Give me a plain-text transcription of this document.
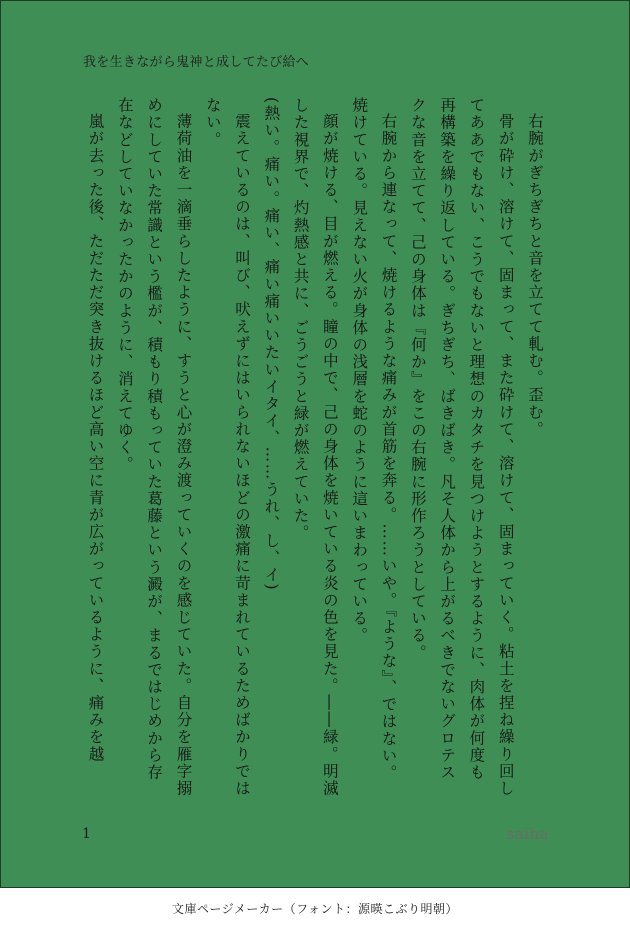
我を生きながら鬼神と成してたび給へ

右腕がぎちぎちと音を立てて軋む。歪む。

骨が砕け、溶けて、固まって、また砕けて、溶けて、固まっていく。粘土を捏ね繰り回してああでもない、こうでもないと理想のカタチを見つけようとするように、肉体が何度も再構築を繰り返している。ぎちぎち、ばきばき。凡そ人体から上がるべきでないグロテスクな音を立てて、己の身体は『何か』をこの右腕に形作ろうとしている。

右腕から連なって、焼けるような痛みが首筋を奔る。……いや。『ような』、ではない。焼けている。見えない火が身体の浅層を蛇のように這いまわっている。

顔が焼ける、目が燃える。瞳の中で、己の身体を焼いている炎の色を見た。――緑。明滅した視界で、灼熱感と共に、ごうごうと緑が燃えていた。

(熱い。痛い。痛い、痛い痛いいたいイタイ、……うれ、し、イ)

震えているのは、叫び、吠えずにはいられないほどの激痛に苛まれているためばかりではない。

薄荷油を一滴垂らしたように、すうと心が澄み渡っていくのを感じていた。自分を雁字搦めにしていた常識という檻が、積もり積もっていた葛藤という澱が、まるではじめから存在などしていなかったかのように、消えてゆく。

嵐が去った後、ただただ突き抜けるほど高い空に青が広がっているように、痛みを越

1	saiha
文庫ページメーカー（フォント：源暎こぶり明朝）
